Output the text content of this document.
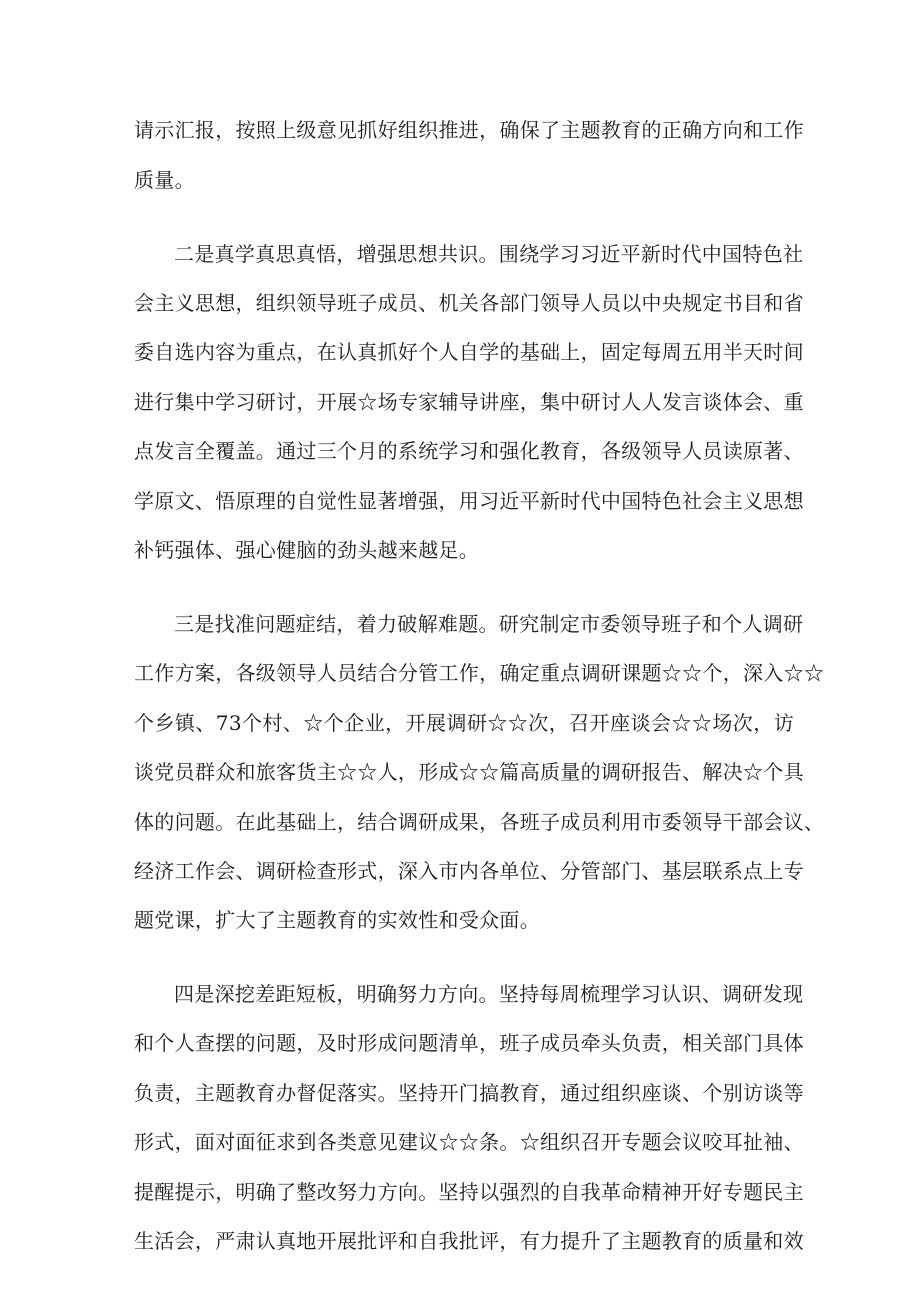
请示汇报，按照上级意见抓好组织推进，确保了主题教育的正确方向和工作

质量。

二是真学真思真悟，增强思想共识。围绕学习习近平新时代中国特色社

会主义思想，组织领导班子成员、机关各部门领导人员以中央规定书目和省

委自选内容为重点，在认真抓好个人自学的基础上，固定每周五用半天时间

进行集中学习研讨，开展☆场专家辅导讲座，集中研讨人人发言谈体会、重

点发言全覆盖。通过三个月的系统学习和强化教育，各级领导人员读原著、

学原文、悟原理的自觉性显著增强，用习近平新时代中国特色社会主义思想

补钙强体、强心健脑的劲头越来越足。

三是找准问题症结，着力破解难题。研究制定市委领导班子和个人调研

工作方案，各级领导人员结合分管工作，确定重点调研课题☆☆个，深入☆☆

个乡镇、73个村、☆个企业，开展调研☆☆次，召开座谈会☆☆场次，访

谈党员群众和旅客货主☆☆人，形成☆☆篇高质量的调研报告、解决☆个具

体的问题。在此基础上，结合调研成果，各班子成员利用市委领导干部会议、

经济工作会、调研检查形式，深入市内各单位、分管部门、基层联系点上专

题党课，扩大了主题教育的实效性和受众面。

四是深挖差距短板，明确努力方向。坚持每周梳理学习认识、调研发现

和个人查摆的问题，及时形成问题清单，班子成员牵头负责，相关部门具体

负责，主题教育办督促落实。坚持开门搞教育，通过组织座谈、个别访谈等

形式，面对面征求到各类意见建议☆☆条。☆组织召开专题会议咬耳扯袖、

提醒提示，明确了整改努力方向。坚持以强烈的自我革命精神开好专题民主

生活会，严肃认真地开展批评和自我批评，有力提升了主题教育的质量和效
